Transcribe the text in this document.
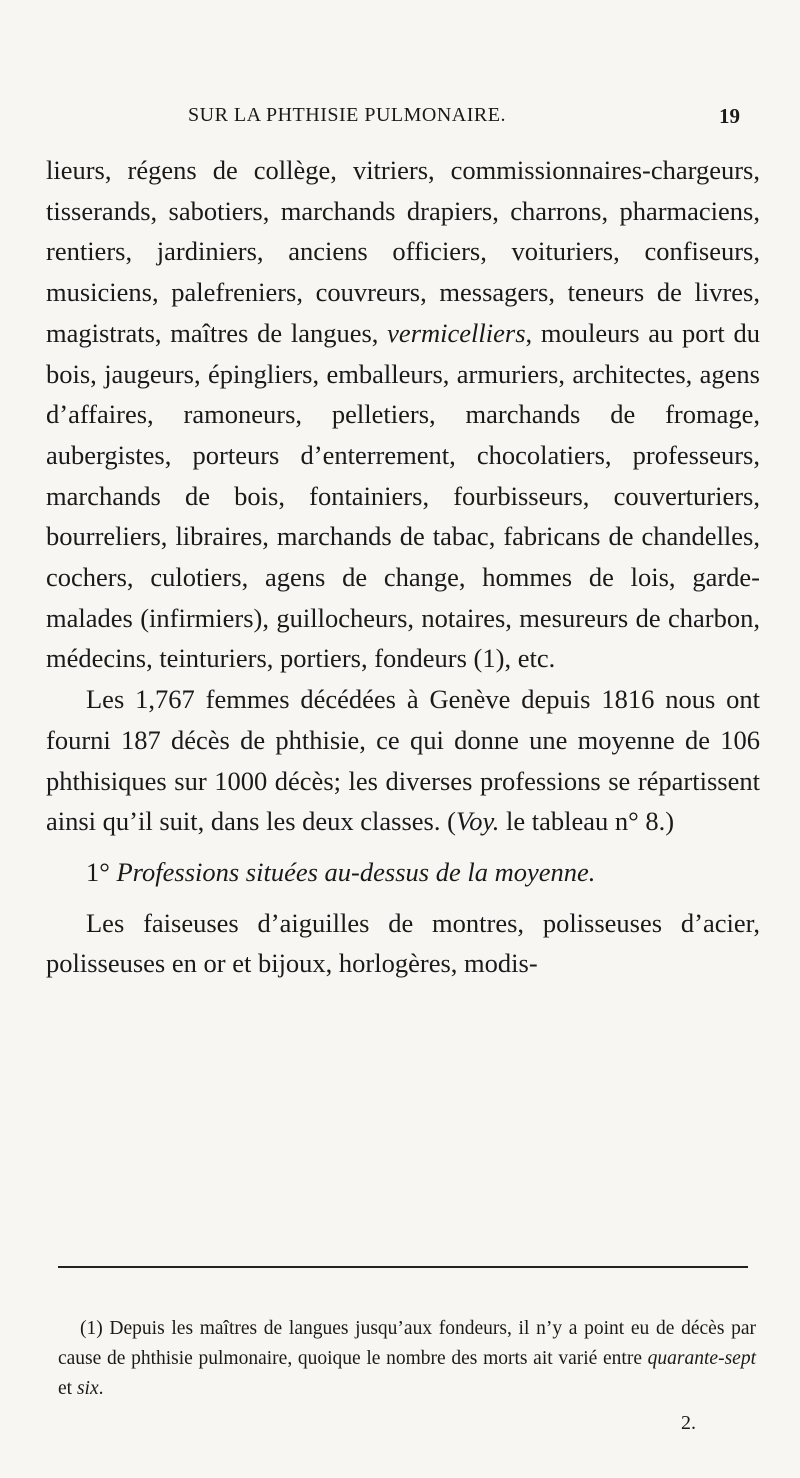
SUR LA PHTHISIE PULMONAIRE.	19

lieurs, régens de collège, vitriers, commissionnaires-chargeurs, tisserands, sabotiers, marchands drapiers, charrons, pharmaciens, rentiers, jardiniers, anciens officiers, voituriers, confiseurs, musiciens, palefreniers, couvreurs, messagers, teneurs de livres, magistrats, maîtres de langues, vermicelliers, mouleurs au port du bois, jaugeurs, épingliers, emballeurs, armuriers, architectes, agens d’affaires, ramoneurs, pelletiers, marchands de fromage, aubergistes, porteurs d’enterrement, chocolatiers, professeurs, marchands de bois, fontainiers, fourbisseurs, couverturiers, bourreliers, libraires, marchands de tabac, fabricans de chandelles, cochers, culotiers, agens de change, hommes de lois, garde-malades (infirmiers), guillocheurs, notaires, mesureurs de charbon, médecins, teinturiers, portiers, fondeurs (1), etc.

Les 1,767 femmes décédées à Genève depuis 1816 nous ont fourni 187 décès de phthisie, ce qui donne une moyenne de 106 phthisiques sur 1000 décès; les diverses professions se répartissent ainsi qu’il suit, dans les deux classes. (Voy. le tableau n° 8.)

1° Professions situées au-dessus de la moyenne.

Les faiseuses d’aiguilles de montres, polisseuses d’acier, polisseuses en or et bijoux, horlogères, modis-

(1) Depuis les maîtres de langues jusqu’aux fondeurs, il n’y a point eu de décès par cause de phthisie pulmonaire, quoique le nombre des morts ait varié entre quarante-sept et six.

2.
